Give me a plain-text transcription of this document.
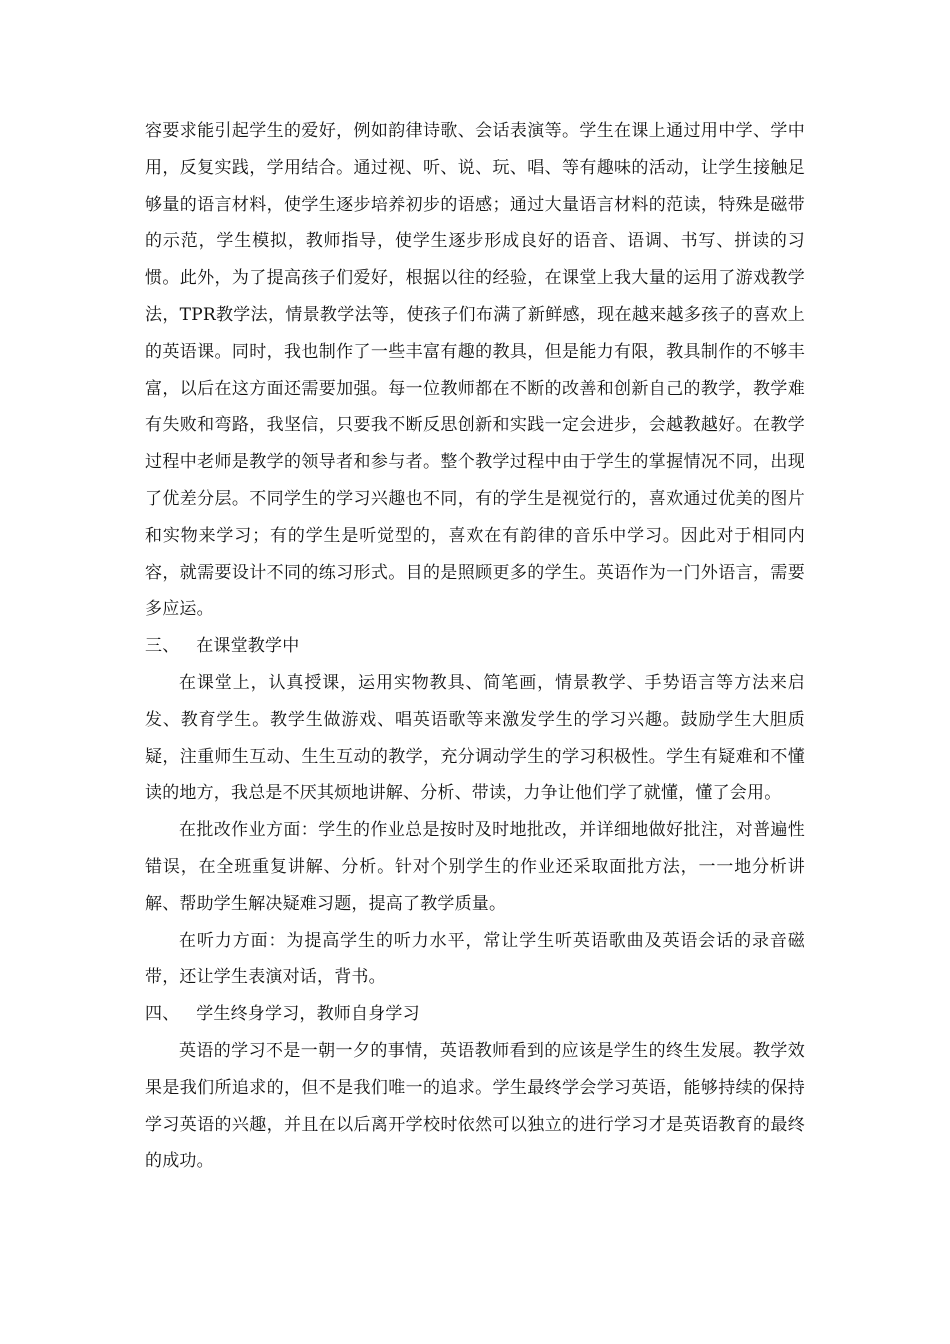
容要求能引起学生的爱好，例如韵律诗歌、会话表演等。学生在课上通过用中学、学中用，反复实践，学用结合。通过视、听、说、玩、唱、等有趣味的活动，让学生接触足够量的语言材料，使学生逐步培养初步的语感；通过大量语言材料的范读，特殊是磁带的示范，学生模拟，教师指导，使学生逐步形成良好的语音、语调、书写、拼读的习惯。此外，为了提高孩子们爱好，根据以往的经验，在课堂上我大量的运用了游戏教学法，TPR教学法，情景教学法等，使孩子们布满了新鲜感，现在越来越多孩子的喜欢上的英语课。同时，我也制作了一些丰富有趣的教具，但是能力有限，教具制作的不够丰富，以后在这方面还需要加强。每一位教师都在不断的改善和创新自己的教学，教学难有失败和弯路，我坚信，只要我不断反思创新和实践一定会进步，会越教越好。在教学过程中老师是教学的领导者和参与者。整个教学过程中由于学生的掌握情况不同，出现了优差分层。不同学生的学习兴趣也不同，有的学生是视觉行的，喜欢通过优美的图片和实物来学习；有的学生是听觉型的，喜欢在有韵律的音乐中学习。因此对于相同内容，就需要设计不同的练习形式。目的是照顾更多的学生。英语作为一门外语言，需要多应运。

三、   在课堂教学中

在课堂上，认真授课，运用实物教具、简笔画，情景教学、手势语言等方法来启发、教育学生。教学生做游戏、唱英语歌等来激发学生的学习兴趣。鼓励学生大胆质疑，注重师生互动、生生互动的教学，充分调动学生的学习积极性。学生有疑难和不懂读的地方，我总是不厌其烦地讲解、分析、带读，力争让他们学了就懂，懂了会用。

在批改作业方面：学生的作业总是按时及时地批改，并详细地做好批注，对普遍性错误，在全班重复讲解、分析。针对个别学生的作业还采取面批方法，一一地分析讲解、帮助学生解决疑难习题，提高了教学质量。

在听力方面：为提高学生的听力水平，常让学生听英语歌曲及英语会话的录音磁带，还让学生表演对话，背书。

四、   学生终身学习，教师自身学习

英语的学习不是一朝一夕的事情，英语教师看到的应该是学生的终生发展。教学效果是我们所追求的，但不是我们唯一的追求。学生最终学会学习英语，能够持续的保持学习英语的兴趣，并且在以后离开学校时依然可以独立的进行学习才是英语教育的最终的成功。
